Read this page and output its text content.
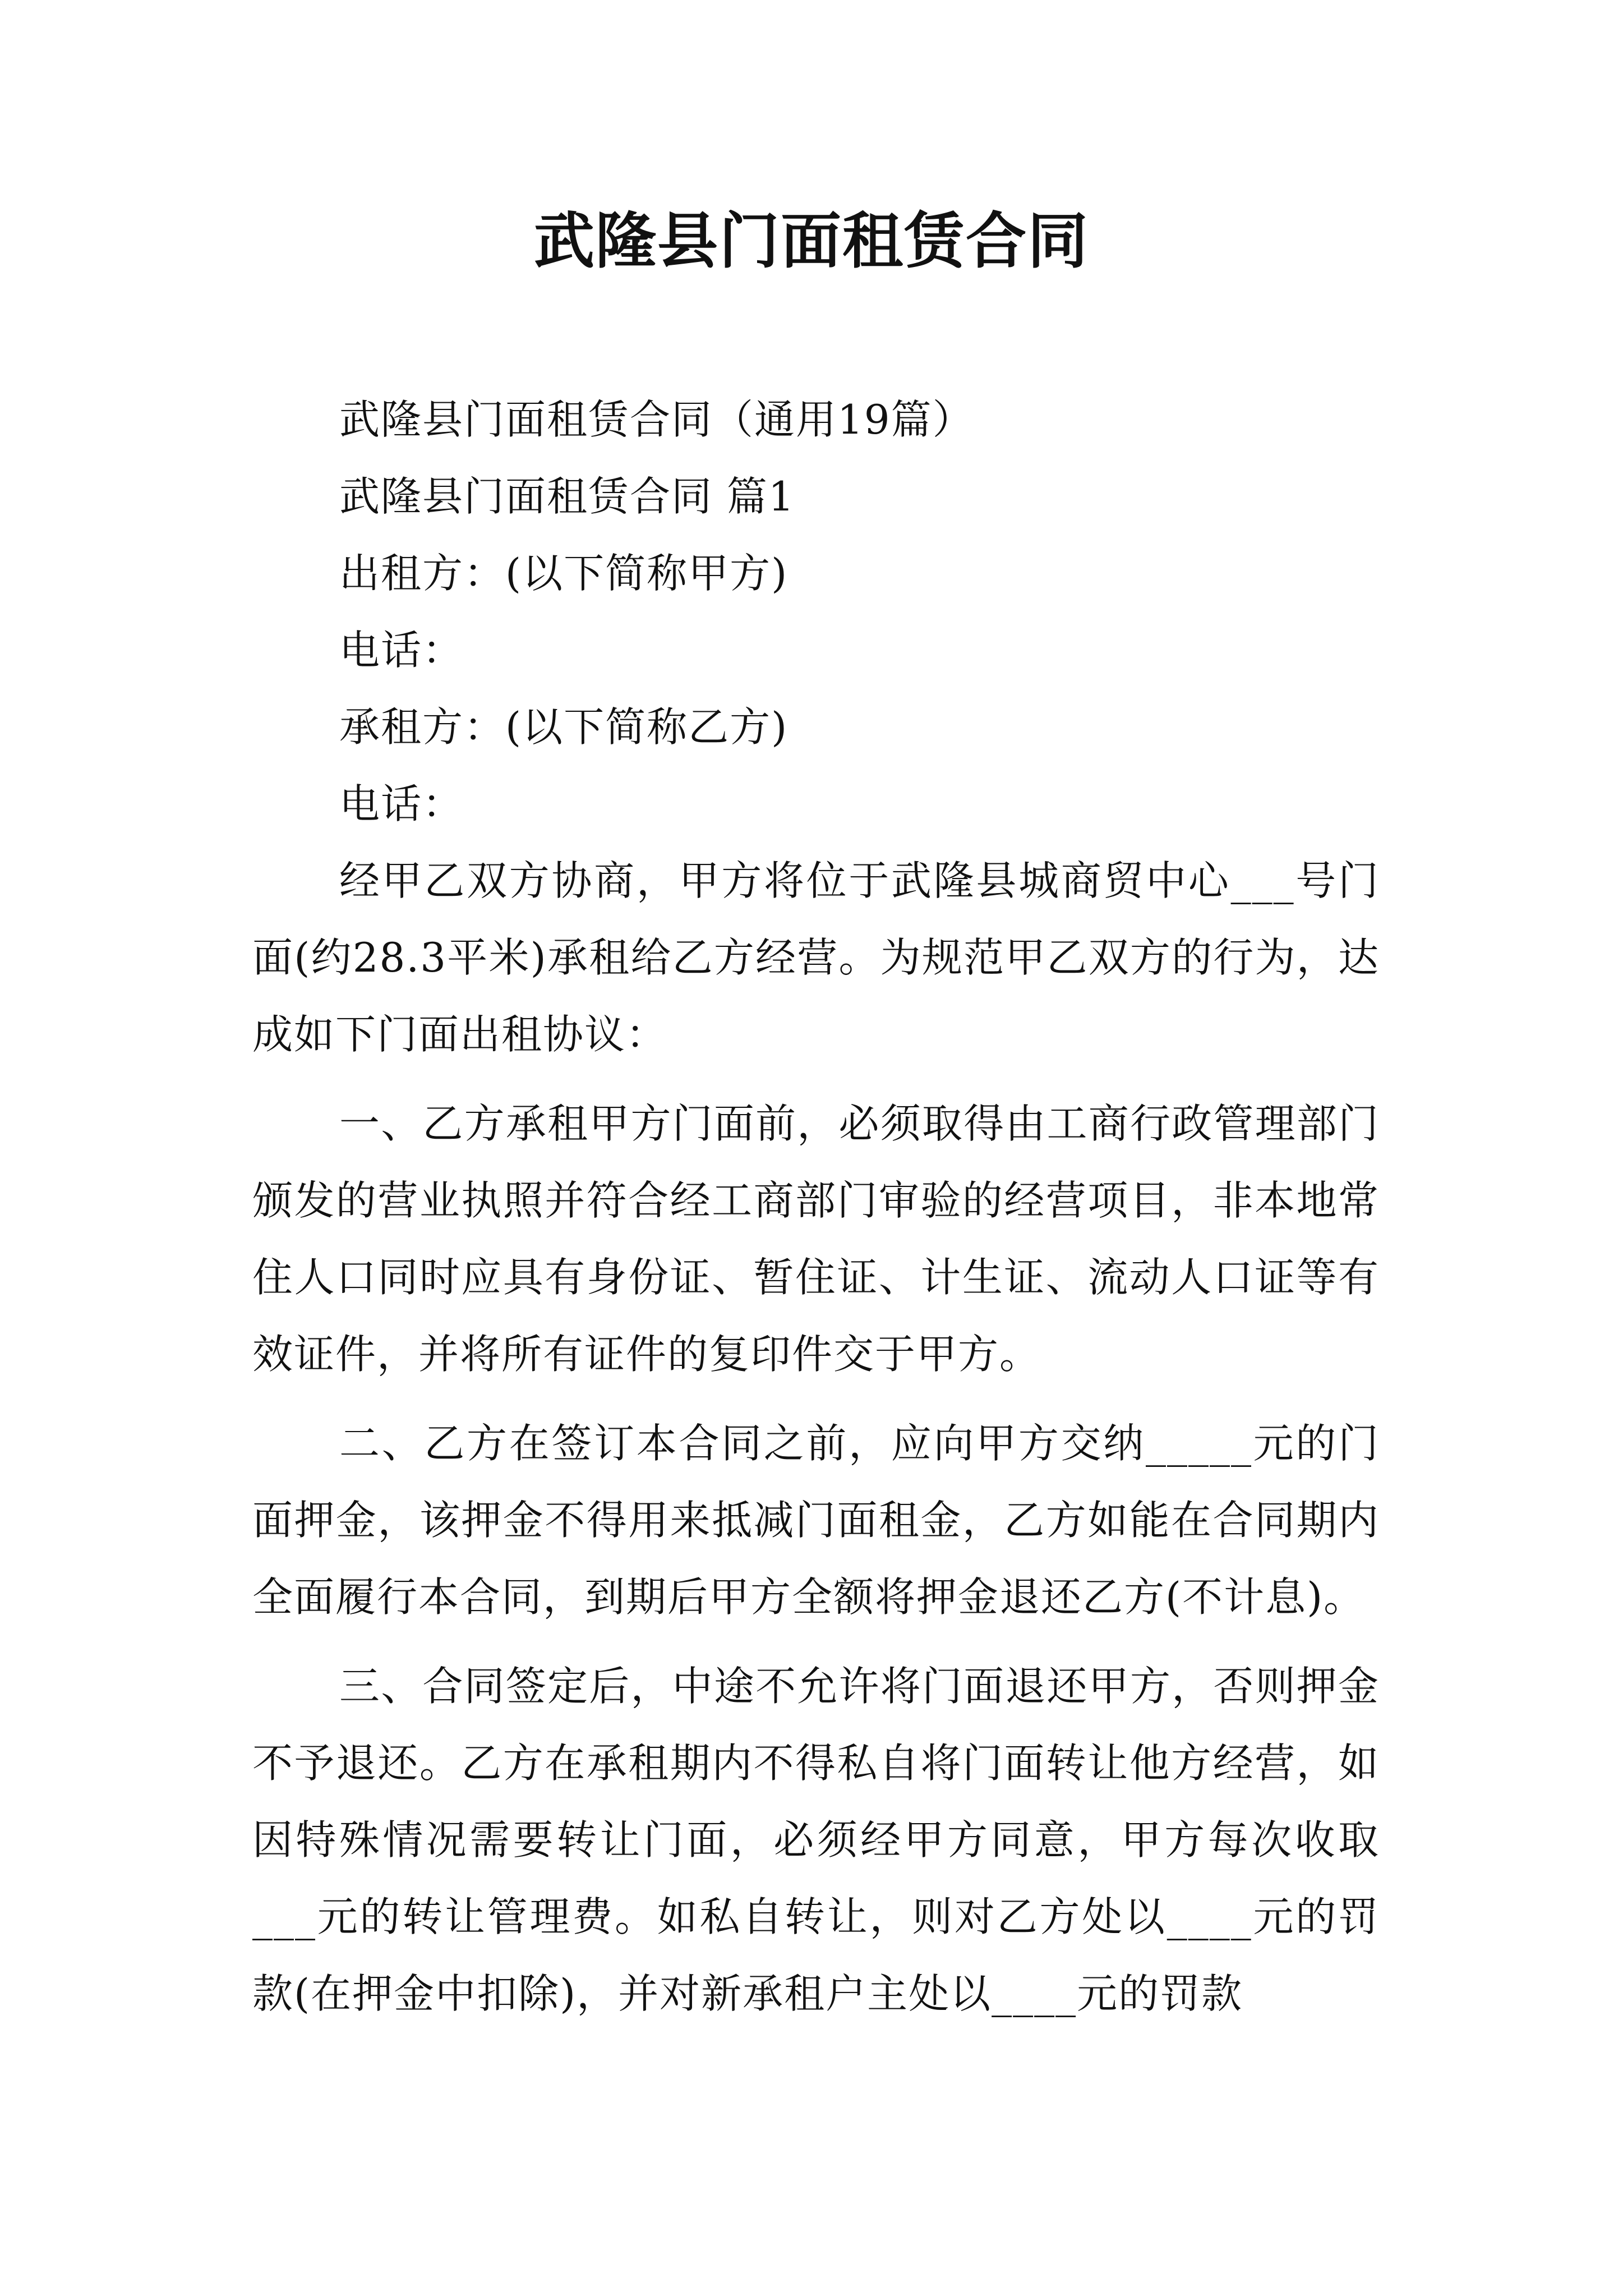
武隆县门面租赁合同

武隆县门面租赁合同（通用19篇）

武隆县门面租赁合同 篇1

出租方：(以下简称甲方)

电话：

承租方：(以下简称乙方)

电话：

经甲乙双方协商，甲方将位于武隆县城商贸中心___号门面(约28.3平米)承租给乙方经营。为规范甲乙双方的行为，达成如下门面出租协议：

一、乙方承租甲方门面前，必须取得由工商行政管理部门颁发的营业执照并符合经工商部门审验的经营项目，非本地常住人口同时应具有身份证、暂住证、计生证、流动人口证等有效证件，并将所有证件的复印件交于甲方。

二、乙方在签订本合同之前，应向甲方交纳_____元的门面押金，该押金不得用来抵减门面租金，乙方如能在合同期内全面履行本合同，到期后甲方全额将押金退还乙方(不计息)。

三、合同签定后，中途不允许将门面退还甲方，否则押金不予退还。乙方在承租期内不得私自将门面转让他方经营，如因特殊情况需要转让门面，必须经甲方同意，甲方每次收取___元的转让管理费。如私自转让，则对乙方处以____元的罚款(在押金中扣除)，并对新承租户主处以____元的罚款
